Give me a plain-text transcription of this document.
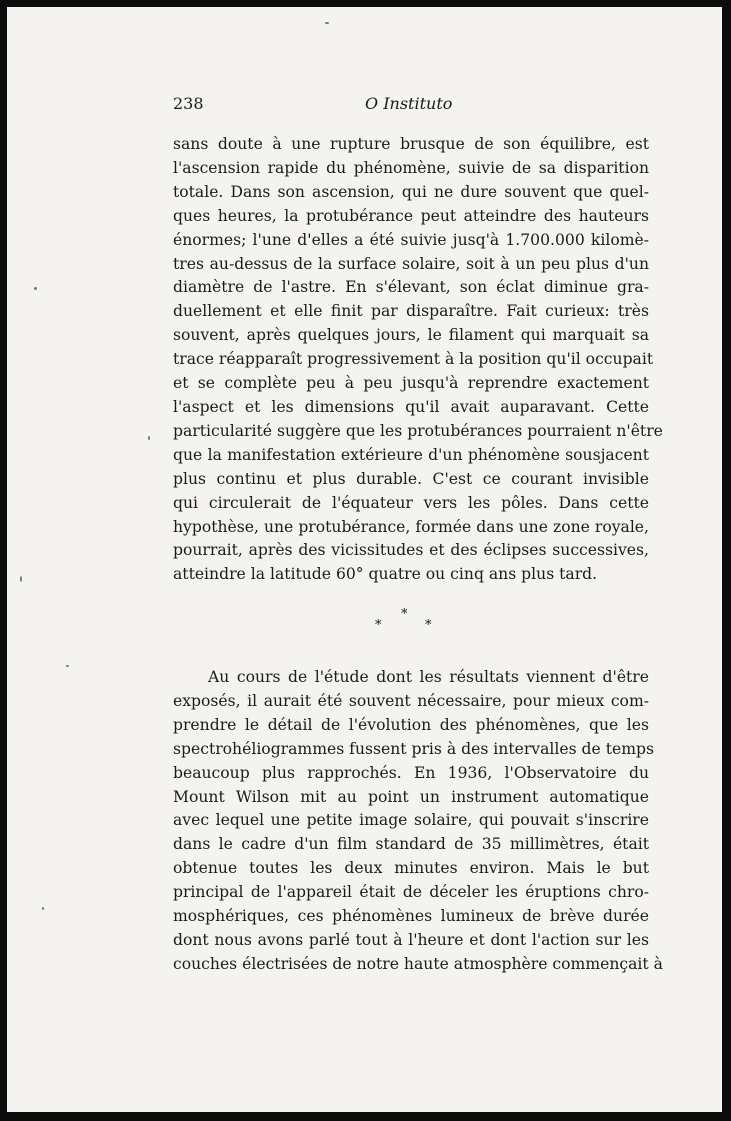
238	O Instituto

sans doute à une rupture brusque de son équilibre, est
l'ascension rapide du phénomène, suivie de sa disparition
totale. Dans son ascension, qui ne dure souvent que quel-
ques heures, la protubérance peut atteindre des hauteurs
énormes; l'une d'elles a été suivie jusq'à 1.700.000 kilomè-
tres au-dessus de la surface solaire, soit à un peu plus d'un
diamètre de l'astre. En s'élevant, son éclat diminue gra-
duellement et elle finit par disparaître. Fait curieux: très
souvent, après quelques jours, le filament qui marquait sa
trace réapparaît progressivement à la position qu'il occupait
et se complète peu à peu jusqu'à reprendre exactement
l'aspect et les dimensions qu'il avait auparavant. Cette
particularité suggère que les protubérances pourraient n'être
que la manifestation extérieure d'un phénomène sousjacent
plus continu et plus durable. C'est ce courant invisible
qui circulerait de l'équateur vers les pôles. Dans cette
hypothèse, une protubérance, formée dans une zone royale,
pourrait, après des vicissitudes et des éclipses successives,
atteindre la latitude 60° quatre ou cinq ans plus tard.

*
*	*

Au cours de l'étude dont les résultats viennent d'être
exposés, il aurait été souvent nécessaire, pour mieux com-
prendre le détail de l'évolution des phénomènes, que les
spectrohéliogrammes fussent pris à des intervalles de temps
beaucoup plus rapprochés. En 1936, l'Observatoire du
Mount Wilson mit au point un instrument automatique
avec lequel une petite image solaire, qui pouvait s'inscrire
dans le cadre d'un film standard de 35 millimètres, était
obtenue toutes les deux minutes environ. Mais le but
principal de l'appareil était de déceler les éruptions chro-
mosphériques, ces phénomènes lumineux de brève durée
dont nous avons parlé tout à l'heure et dont l'action sur les
couches électrisées de notre haute atmosphère commençait à
